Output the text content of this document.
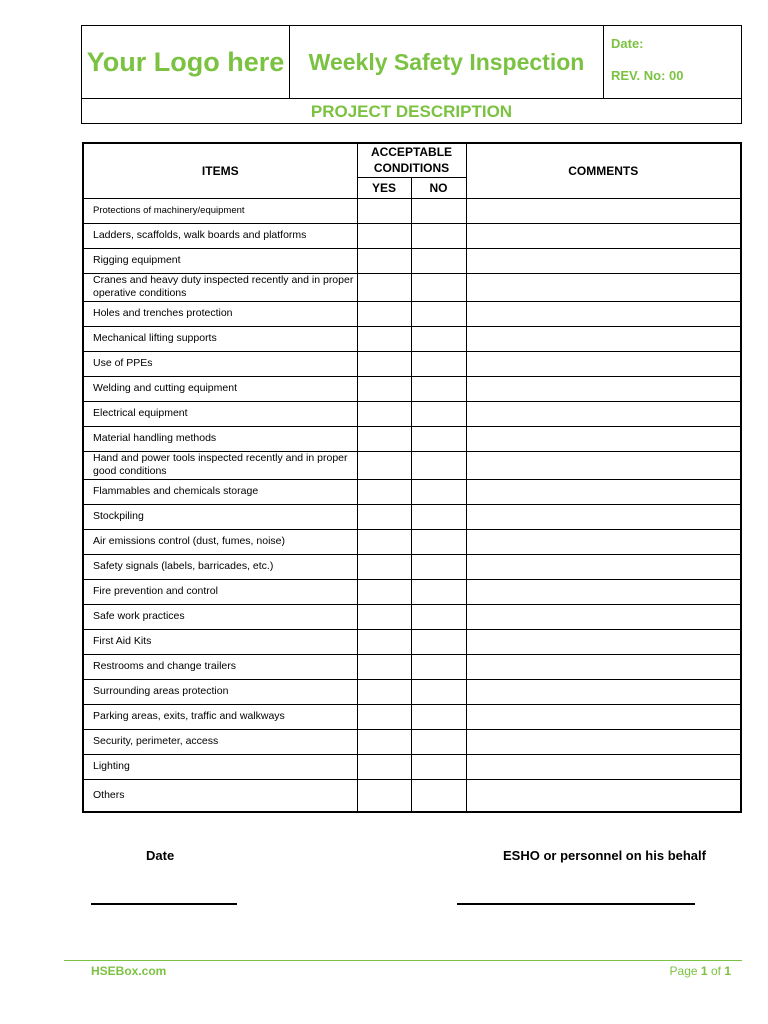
Your Logo here	Weekly Safety Inspection
Date:
REV. No: 00
PROJECT DESCRIPTION
ITEMS	ACCEPTABLE CONDITIONS		COMMENTS
	YES	NO	
Protections of machinery/equipment			
Ladders, scaffolds, walk boards and platforms			
Rigging equipment			
Cranes and heavy duty inspected recently and in proper operative conditions			
Holes and trenches protection			
Mechanical lifting supports			
Use of PPEs			
Welding and cutting equipment			
Electrical equipment			
Material handling methods			
Hand and power tools inspected recently and in proper good conditions			
Flammables and chemicals storage			
Stockpiling			
Air emissions control (dust, fumes, noise)			
Safety signals (labels, barricades, etc.)			
Fire prevention and control			
Safe work practices			
First Aid Kits			
Restrooms and change trailers			
Surrounding areas protection			
Parking areas, exits, traffic and walkways			
Security, perimeter, access			
Lighting			
Others			
Date	ESHO or personnel on his behalf
HSEBox.com	Page 1 of 1
